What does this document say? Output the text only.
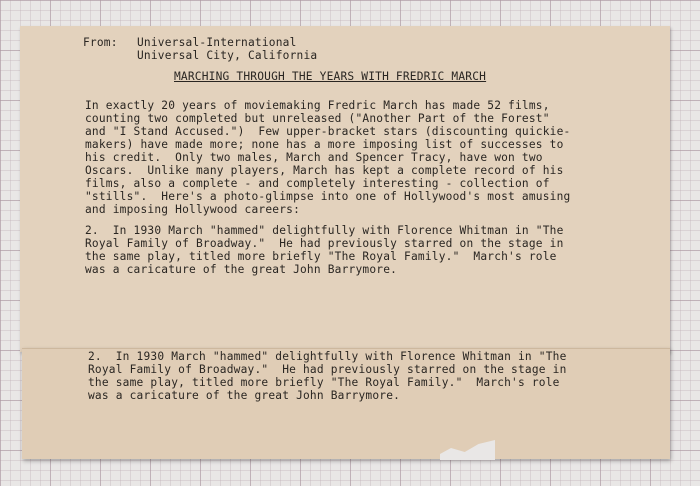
From: Universal-International
Universal City, California
MARCHING THROUGH THE YEARS WITH FREDRIC MARCH
In exactly 20 years of moviemaking Fredric March has made 52 films,
counting two completed but unreleased ("Another Part of the Forest"
and "I Stand Accused.")  Few upper-bracket stars (discounting quickie-
makers) have made more; none has a more imposing list of successes to
his credit.  Only two males, March and Spencer Tracy, have won two
Oscars.  Unlike many players, March has kept a complete record of his
films, also a complete - and completely interesting - collection of
"stills".  Here's a photo-glimpse into one of Hollywood's most amusing
and imposing Hollywood careers:
2.  In 1930 March "hammed" delightfully with Florence Whitman in "The
Royal Family of Broadway."  He had previously starred on the stage in
the same play, titled more briefly "The Royal Family."  March's role
was a caricature of the great John Barrymore.
2.  In 1930 March "hammed" delightfully with Florence Whitman in "The
Royal Family of Broadway."  He had previously starred on the stage in
the same play, titled more briefly "The Royal Family."  March's role
was a caricature of the great John Barrymore.
